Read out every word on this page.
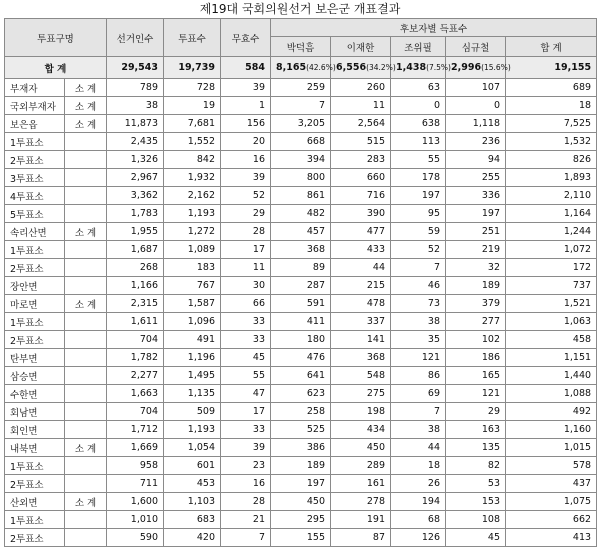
제19대 국회의원선거 보은군 개표결과
투표구명		선거인수	투표수	무효수	후보자별 득표수				
					박덕흠	이재한	조위필	심규철	합 계
합 계		29,543	19,739	584	8,165(42.6%)	6,556(34.2%)	1,438(7.5%)	2,996(15.6%)	19,155
부재자	소 계	789	728	39	259	260	63	107	689
국외부재자	소 계	38	19	1	7	11	0	0	18
보은읍	소 계	11,873	7,681	156	3,205	2,564	638	1,118	7,525
1투표소		2,435	1,552	20	668	515	113	236	1,532
2투표소		1,326	842	16	394	283	55	94	826
3투표소		2,967	1,932	39	800	660	178	255	1,893
4투표소		3,362	2,162	52	861	716	197	336	2,110
5투표소		1,783	1,193	29	482	390	95	197	1,164
속리산면	소 계	1,955	1,272	28	457	477	59	251	1,244
1투표소		1,687	1,089	17	368	433	52	219	1,072
2투표소		268	183	11	89	44	7	32	172
장안면		1,166	767	30	287	215	46	189	737
마로면	소 계	2,315	1,587	66	591	478	73	379	1,521
1투표소		1,611	1,096	33	411	337	38	277	1,063
2투표소		704	491	33	180	141	35	102	458
탄부면		1,782	1,196	45	476	368	121	186	1,151
삼승면		2,277	1,495	55	641	548	86	165	1,440
수한면		1,663	1,135	47	623	275	69	121	1,088
회남면		704	509	17	258	198	7	29	492
회인면		1,712	1,193	33	525	434	38	163	1,160
내북면	소 계	1,669	1,054	39	386	450	44	135	1,015
1투표소		958	601	23	189	289	18	82	578
2투표소		711	453	16	197	161	26	53	437
산외면	소 계	1,600	1,103	28	450	278	194	153	1,075
1투표소		1,010	683	21	295	191	68	108	662
2투표소		590	420	7	155	87	126	45	413
